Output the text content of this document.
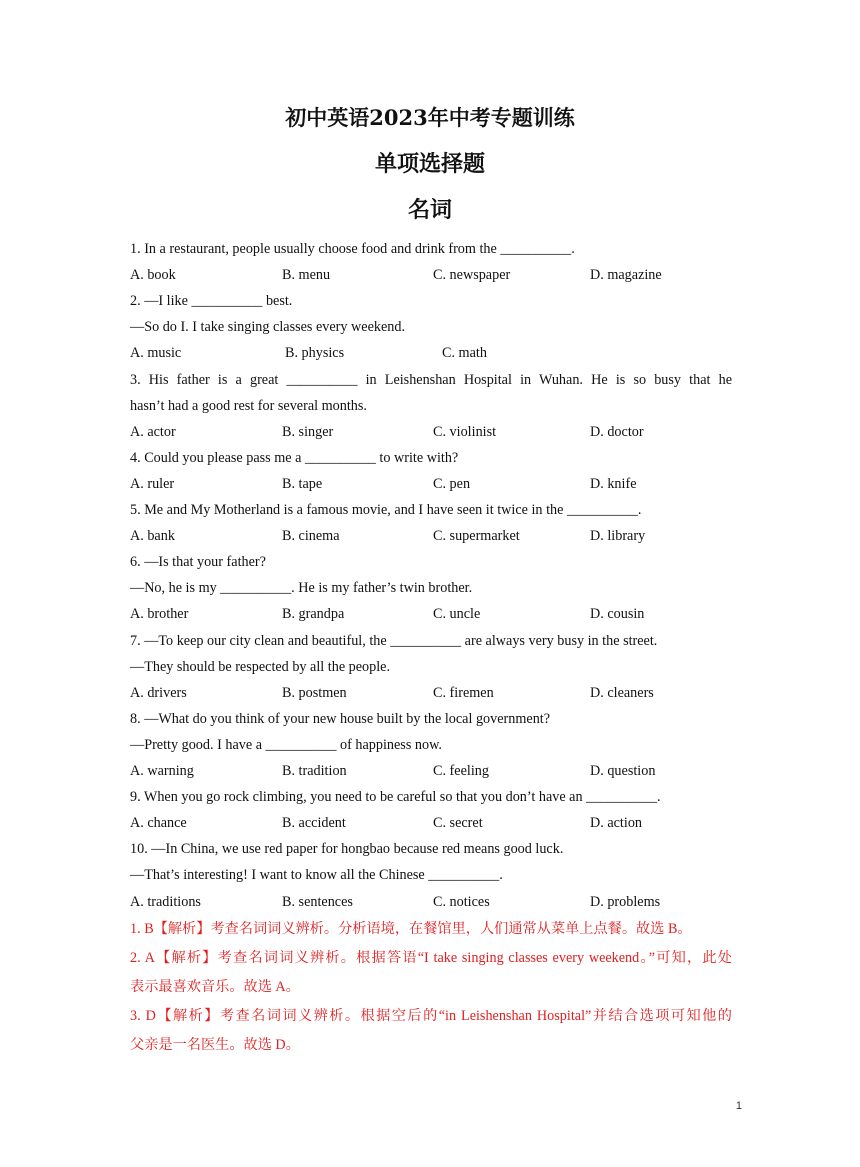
初中英语2023年中考专题训练
单项选择题
名词
1. In a restaurant, people usually choose food and drink from the __________.
A. book	B. menu	C. newspaper	D. magazine
2. —I like __________ best.
—So do I. I take singing classes every weekend.
A. music	B. physics	C. math
3. His father is a great __________ in Leishenshan Hospital in Wuhan. He is so busy that he
hasn’t had a good rest for several months.
A. actor	B. singer	C. violinist	D. doctor
4. Could you please pass me a __________ to write with?
A. ruler	B. tape	C. pen	D. knife
5. Me and My Motherland is a famous movie, and I have seen it twice in the __________.
A. bank	B. cinema	C. supermarket	D. library
6. —Is that your father?
—No, he is my __________. He is my father’s twin brother.
A. brother	B. grandpa	C. uncle	D. cousin
7. —To keep our city clean and beautiful, the __________ are always very busy in the street.
—They should be respected by all the people.
A. drivers	B. postmen	C. firemen	D. cleaners
8. —What do you think of your new house built by the local government?
—Pretty good. I have a __________ of happiness now.
A. warning	B. tradition	C. feeling	D. question
9. When you go rock climbing, you need to be careful so that you don’t have an __________.
A. chance	B. accident	C. secret	D. action
10. —In China, we use red paper for hongbao because red means good luck.
—That’s interesting! I want to know all the Chinese __________.
A. traditions	B. sentences	C. notices	D. problems
1. B【解析】考查名词词义辨析。分析语境，在餐馆里，人们通常从菜单上点餐。故选 B。
2. A【解析】考查名词词义辨析。根据答语“I take singing classes every weekend。”可知，此处
表示最喜欢音乐。故选 A。
3. D【解析】考查名词词义辨析。根据空后的“in Leishenshan Hospital”并结合选项可知他的
父亲是一名医生。故选 D。
1
